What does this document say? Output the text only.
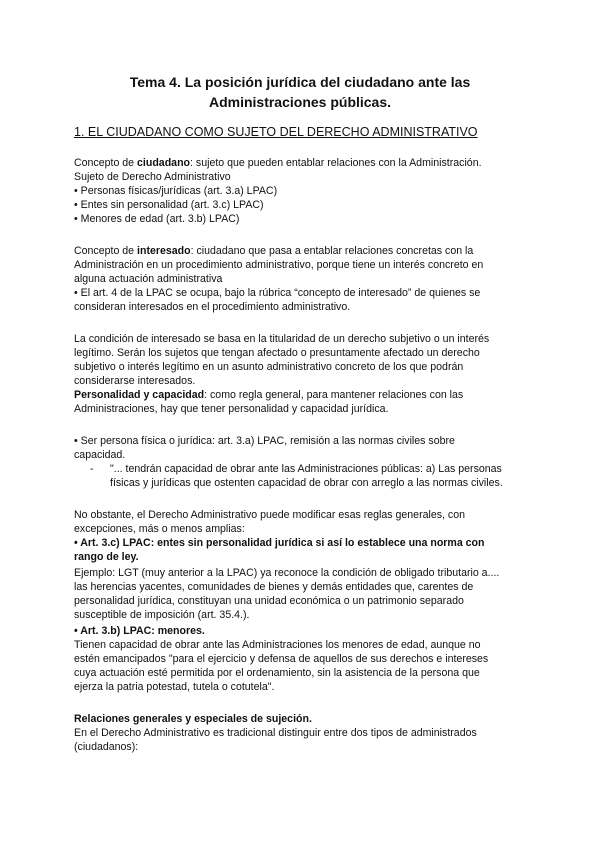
Tema 4. La posición jurídica del ciudadano ante las
Administraciones públicas.
1. EL CIUDADANO COMO SUJETO DEL DERECHO ADMINISTRATIVO
Concepto de ciudadano: sujeto que pueden entablar relaciones con la Administración.
Sujeto de Derecho Administrativo
• Personas físicas/jurídicas (art. 3.a) LPAC)
• Entes sin personalidad (art. 3.c) LPAC)
• Menores de edad (art. 3.b) LPAC)
Concepto de interesado: ciudadano que pasa a entablar relaciones concretas con la
Administración en un procedimiento administrativo, porque tiene un interés concreto en
alguna actuación administrativa
• El art. 4 de la LPAC se ocupa, bajo la rúbrica “concepto de interesado” de quienes se
consideran interesados en el procedimiento administrativo.
La condición de interesado se basa en la titularidad de un derecho subjetivo o un interés
legítimo. Serán los sujetos que tengan afectado o presuntamente afectado un derecho
subjetivo o interés legítimo en un asunto administrativo concreto de los que podrán
considerarse interesados.
Personalidad y capacidad: como regla general, para mantener relaciones con las
Administraciones, hay que tener personalidad y capacidad jurídica.
• Ser persona física o jurídica: art. 3.a) LPAC, remisión a las normas civiles sobre
capacidad.
- "... tendrán capacidad de obrar ante las Administraciones públicas: a) Las personas
físicas y jurídicas que ostenten capacidad de obrar con arreglo a las normas civiles.
No obstante, el Derecho Administrativo puede modificar esas reglas generales, con
excepciones, más o menos amplias:
• Art. 3.c) LPAC: entes sin personalidad jurídica si así lo establece una norma con
rango de ley.
Ejemplo: LGT (muy anterior a la LPAC) ya reconoce la condición de obligado tributario a....
las herencias yacentes, comunidades de bienes y demás entidades que, carentes de
personalidad jurídica, constituyan una unidad económica o un patrimonio separado
susceptible de imposición (art. 35.4.).
• Art. 3.b) LPAC: menores.
Tienen capacidad de obrar ante las Administraciones los menores de edad, aunque no
estén emancipados "para el ejercicio y defensa de aquellos de sus derechos e intereses
cuya actuación esté permitida por el ordenamiento, sin la asistencia de la persona que
ejerza la patria potestad, tutela o cotutela".
Relaciones generales y especiales de sujeción.
En el Derecho Administrativo es tradicional distinguir entre dos tipos de administrados
(ciudadanos):
